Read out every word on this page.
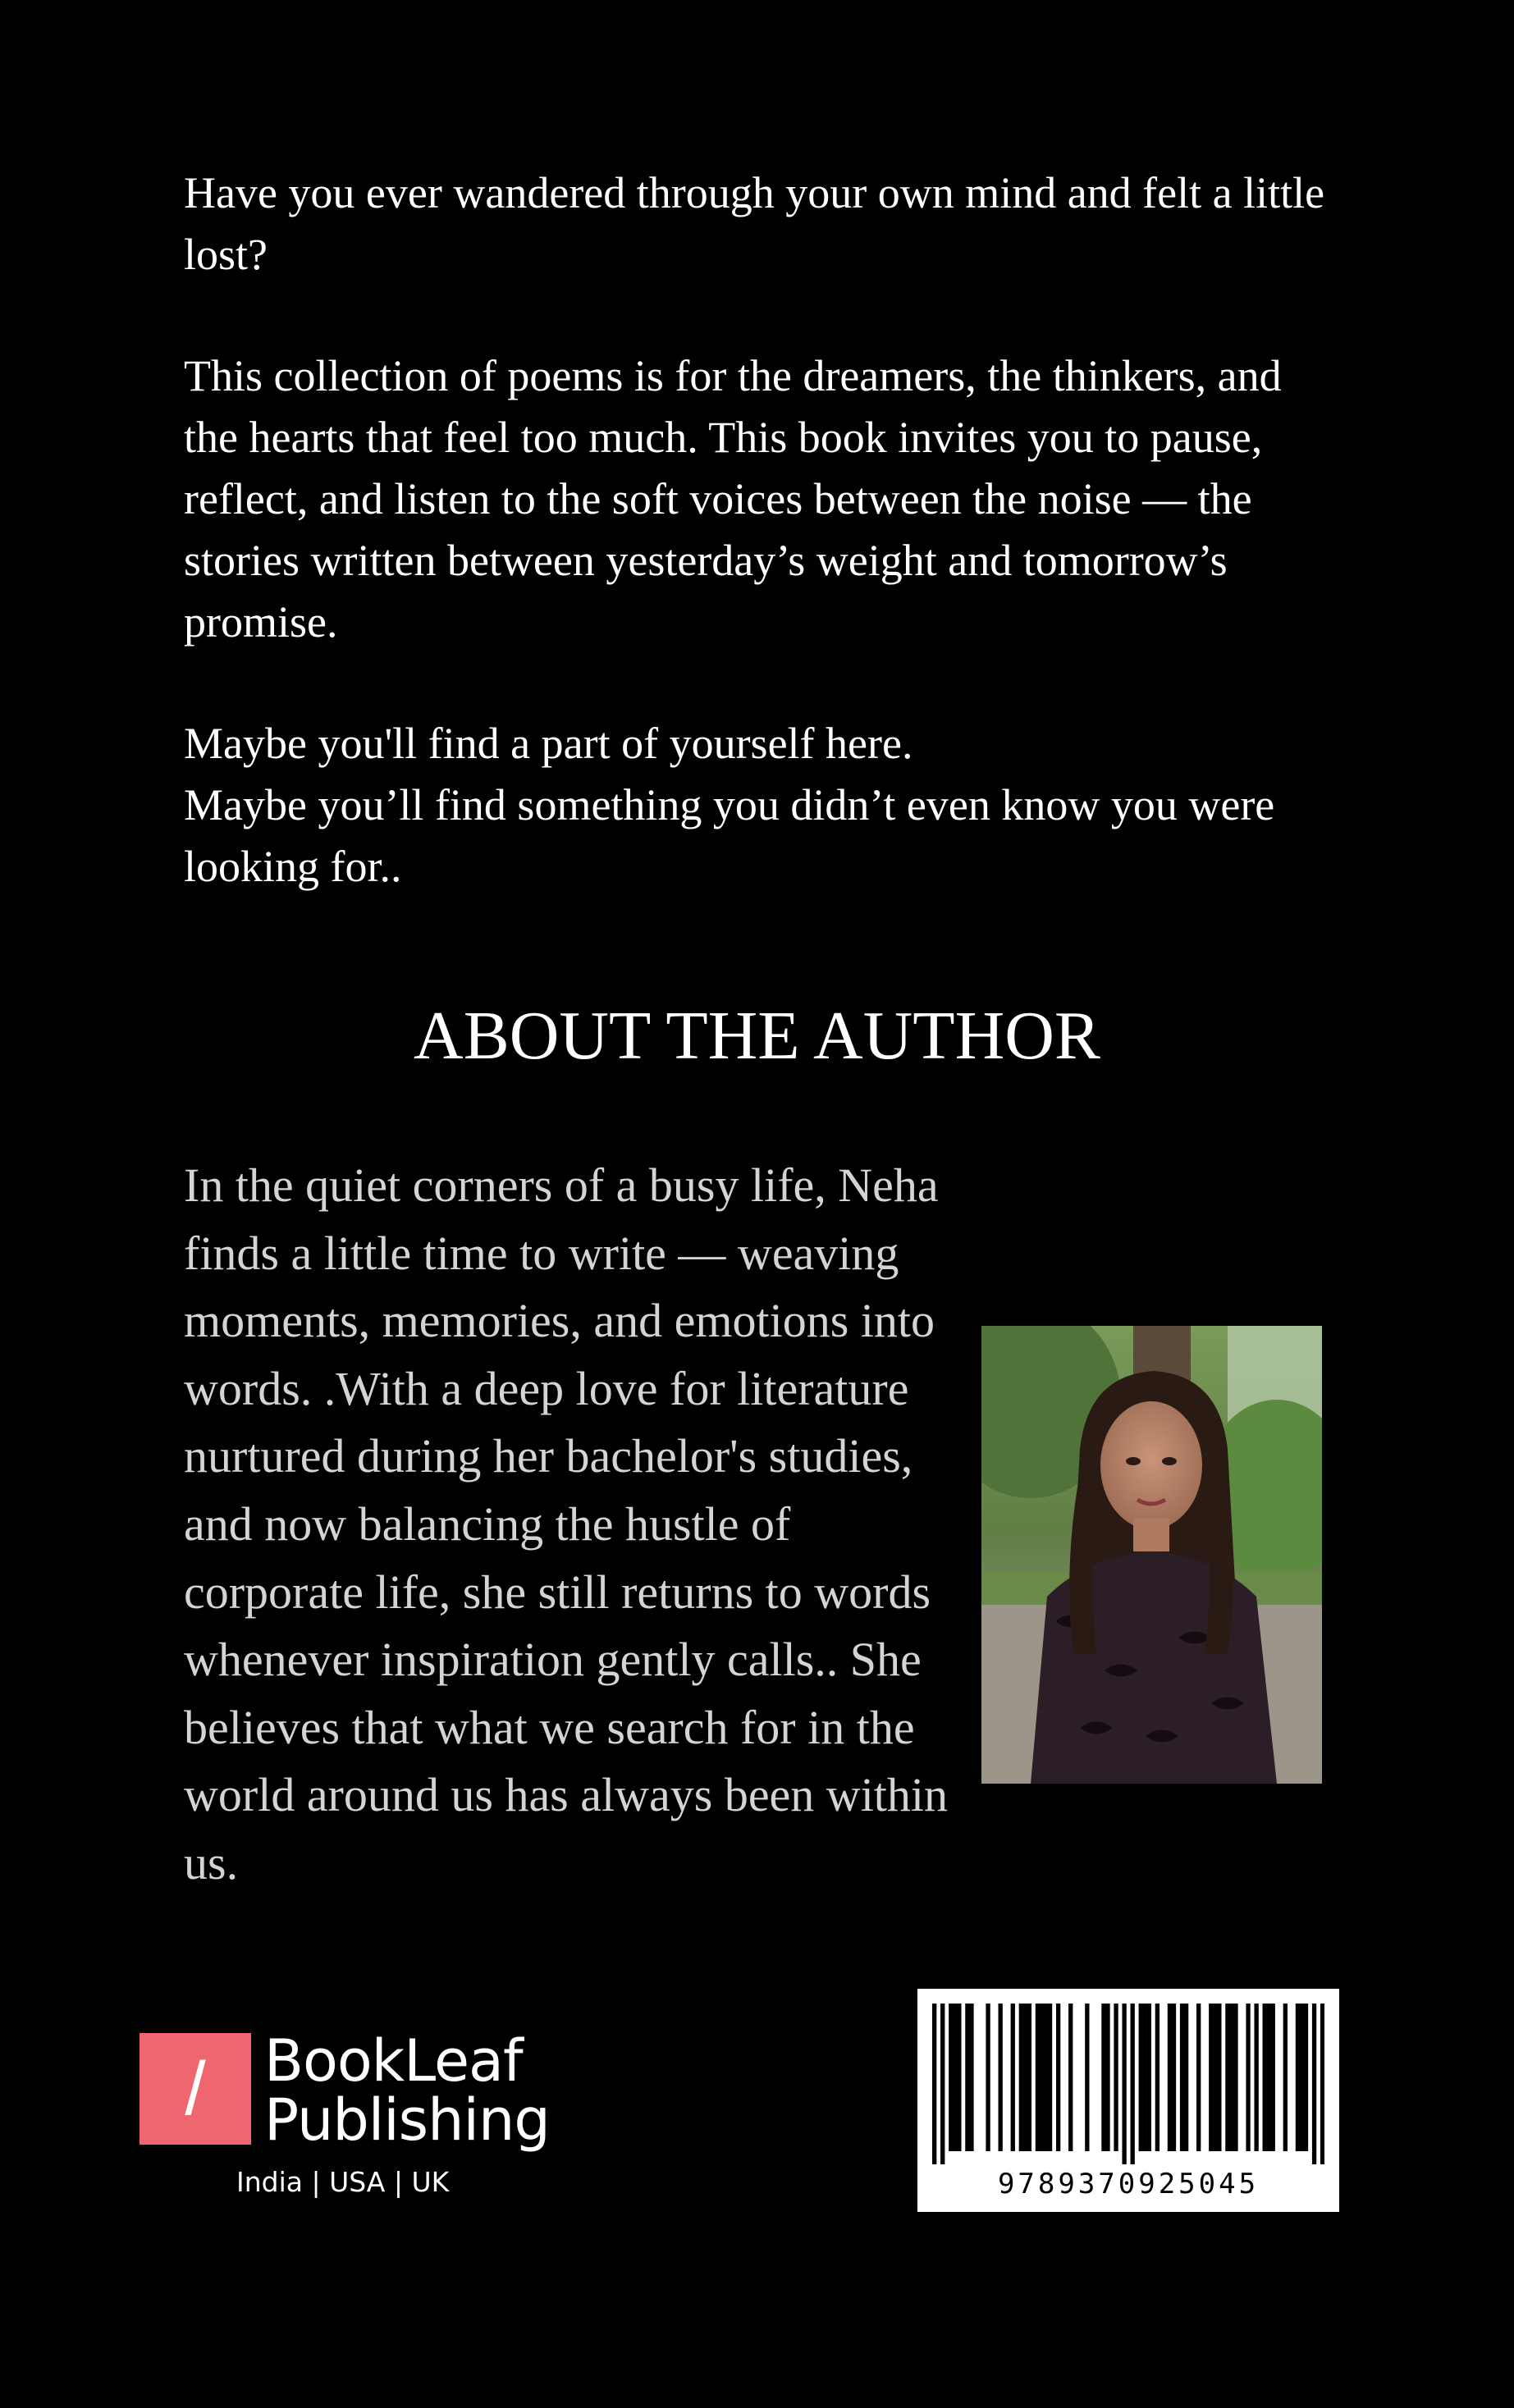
Have you ever wandered through your own mind and felt a little lost?

This collection of poems is for the dreamers, the thinkers, and the hearts that feel too much. This book invites you to pause, reflect, and listen to the soft voices between the noise — the stories written between yesterday’s weight and tomorrow’s promise.

Maybe you'll find a part of yourself here.
Maybe you’ll find something you didn’t even know you were looking for..

ABOUT THE AUTHOR

In the quiet corners of a busy life, Neha finds a little time to write — weaving moments, memories, and emotions into words. .With a deep love for literature nurtured during her bachelor's studies, and now balancing the hustle of corporate life, she still returns to words whenever inspiration gently calls.. She believes that what we search for in the world around us has always been within us.

/	BookLeaf
Publishing
India | USA | UK	9789370925045
